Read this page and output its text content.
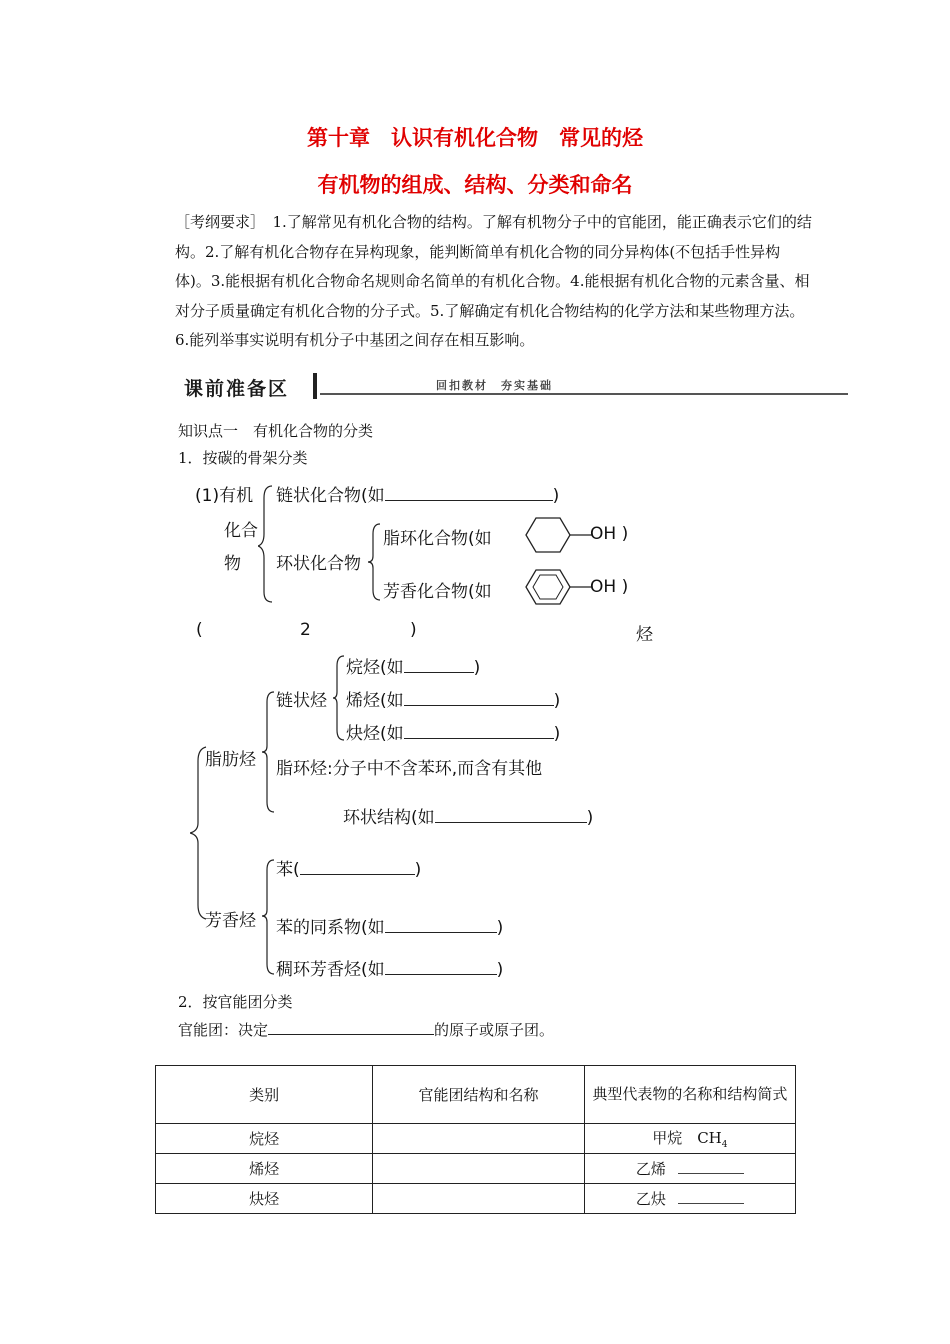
第十章　认识有机化合物　常见的烃
有机物的组成、结构、分类和命名
［考纲要求］　1.了解常见有机化合物的结构。了解有机物分子中的官能团，能正确表示它们的结构。2.了解有机化合物存在异构现象，能判断简单有机化合物的同分异构体(不包括手性异构体)。3.能根据有机化合物命名规则命名简单的有机化合物。4.能根据有机化合物的元素含量、相对分子质量确定有机化合物的分子式。5.了解确定有机化合物结构的化学方法和某些物理方法。6.能列举事实说明有机分子中基团之间存在相互影响。
课前准备区	回扣教材　夯实基础
知识点一　有机化合物的分类
1．按碳的骨架分类
(1)有机
化合
物
链状化合物(如	)
环状化合物
脂环化合物(如	OH )
芳香化合物(如	OH )
(	2	)	烃
脂肪烃
链状烃
烷烃(如	)
烯烃(如	)
炔烃(如	)
脂环烃:分子中不含苯环,而含有其他
环状结构(如	)
芳香烃
苯(	)
苯的同系物(如	)
稠环芳香烃(如	)
2．按官能团分类
官能团：决定	的原子或原子团。
类别	官能团结构和名称	典型代表物的名称和结构简式
烷烃		甲烷　$CH_4$
烯烃		乙烯
炔烃		乙炔
